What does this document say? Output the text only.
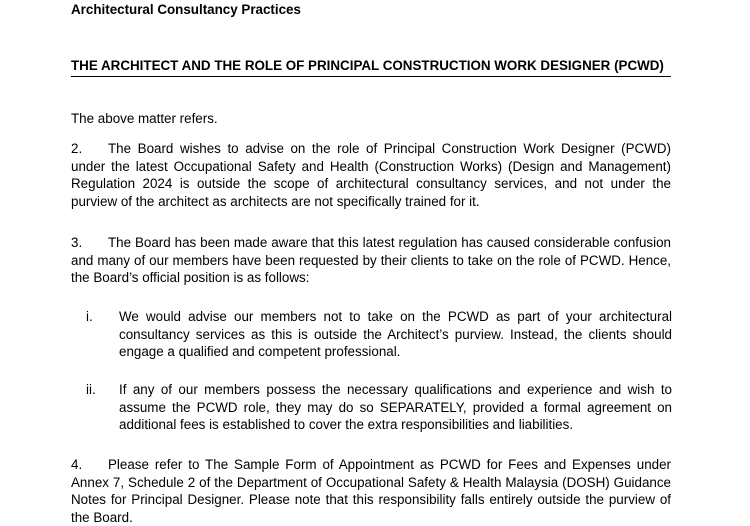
Architectural Consultancy Practices
THE ARCHITECT AND THE ROLE OF PRINCIPAL CONSTRUCTION WORK DESIGNER (PCWD)
The above matter refers.
2. The Board wishes to advise on the role of Principal Construction Work Designer (PCWD) under the latest Occupational Safety and Health (Construction Works) (Design and Management) Regulation 2024 is outside the scope of architectural consultancy services, and not under the purview of the architect as architects are not specifically trained for it.
3. The Board has been made aware that this latest regulation has caused considerable confusion and many of our members have been requested by their clients to take on the role of PCWD. Hence, the Board’s official position is as follows:
i.	We would advise our members not to take on the PCWD as part of your architectural consultancy services as this is outside the Architect’s purview. Instead, the clients should engage a qualified and competent professional.
ii.	If any of our members possess the necessary qualifications and experience and wish to assume the PCWD role, they may do so SEPARATELY, provided a formal agreement on additional fees is established to cover the extra responsibilities and liabilities.
4. Please refer to The Sample Form of Appointment as PCWD for Fees and Expenses under Annex 7, Schedule 2 of the Department of Occupational Safety & Health Malaysia (DOSH) Guidance Notes for Principal Designer. Please note that this responsibility falls entirely outside the purview of the Board.
